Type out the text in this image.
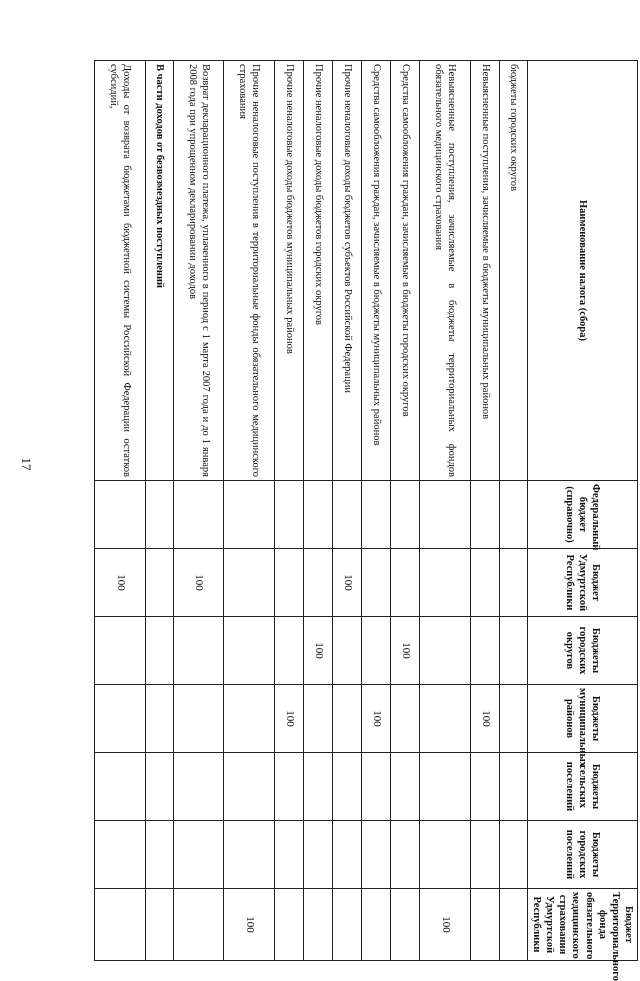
17
Наименование налога (сбора)	Федеральный бюджет (справочно)	Бюджет Удмуртской Республики	Бюджеты городских округов	Бюджеты муниципальных районов	Бюджеты сельских поселений	Бюджеты городских поселений	Бюджет Территориального фонда обязательного медицинского страхования Удмуртской Республики
бюджеты городских округов							
Невыясненные поступления, зачисляемые в бюджеты муниципальных районов				100			
Невыясненные поступления, зачисляемые в бюджеты территориальных фондов обязательного медицинского страхования							100
Средства самообложения граждан, зачисляемые в бюджеты городских округов			100				
Средства самообложения граждан, зачисляемые в бюджеты муниципальных районов				100			
Прочие неналоговые доходы бюджетов субъектов Российской Федерации		100					
Прочие неналоговые доходы бюджетов городских округов			100				
Прочие неналоговые доходы бюджетов муниципальных районов				100			
Прочие неналоговые поступления в территориальные фонды обязательного медицинского страхования							100
Возврат декларационного платежа, уплаченного в период с 1 марта 2007 года и до 1 января 2008 года при упрощенном декларировании доходов		100					
В части доходов от безвозмездных поступлений							
Доходы от возврата бюджетами бюджетной системы Российской Федерации остатков субсидий,		100					
